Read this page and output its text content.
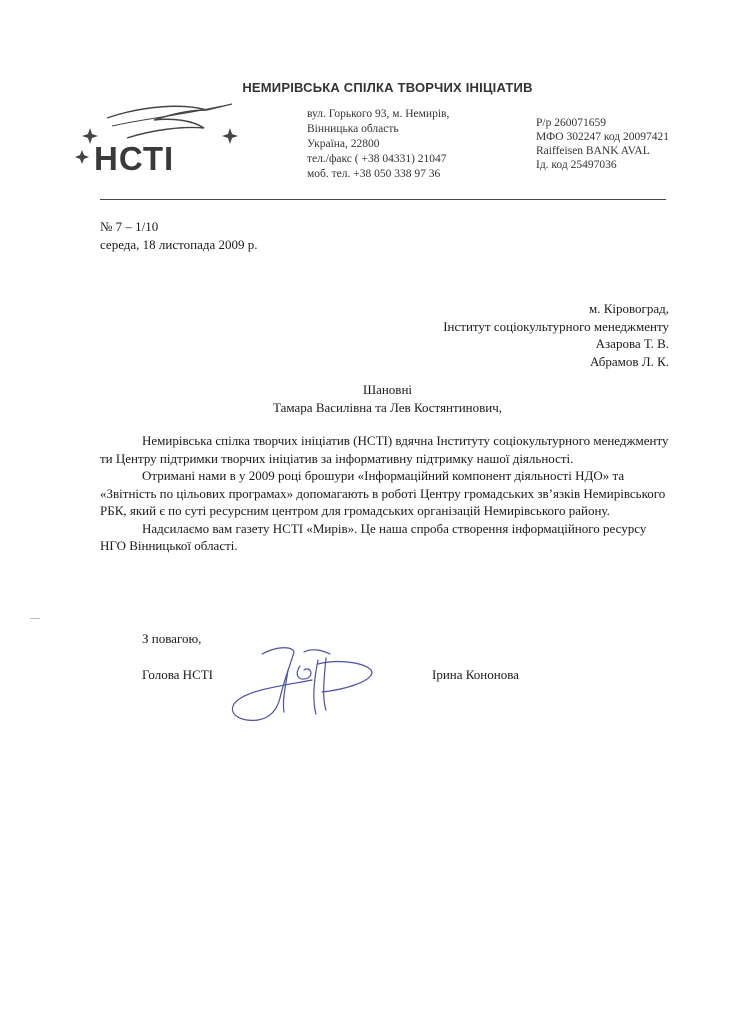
НЕМИРІВСЬКА СПІЛКА ТВОРЧИХ ІНІЦІАТИВ
НСТІ
вул. Горького 93, м. Немирів,
Вінницька область
Україна, 22800
тел./факс ( +38 04331) 21047
моб. тел. +38 050 338 97 36
Р/р 260071659
МФО 302247 код 20097421
Raiffeisen BANK AVAL
Ід. код 25497036
№ 7 – 1/10
середа, 18 листопада 2009 р.
м. Кіровоград,
Інститут соціокультурного менеджменту
Азарова Т. В.
Абрамов Л. К.
Шановні
Тамара Василівна та Лев Костянтинович,

Немирівська спілка творчих ініціатив (НСТІ) вдячна Інституту соціокультурного менеджменту ти Центру підтримки творчих ініціатив за інформативну підтримку нашої діяльності.

Отримані нами в у 2009 році брошури «Інформаційний компонент діяльності НДО» та «Звітність по цільових програмах» допомагають в роботі Центру громадських зв’язків Немирівського РБК, який є по суті ресурсним центром для громадських організацій Немирівського району.

Надсилаємо вам газету НСТІ «Мирів». Це наша спроба створення інформаційного ресурсу НГО Вінницької області.

З повагою,
Голова НСТІ	Ірина Кононова
